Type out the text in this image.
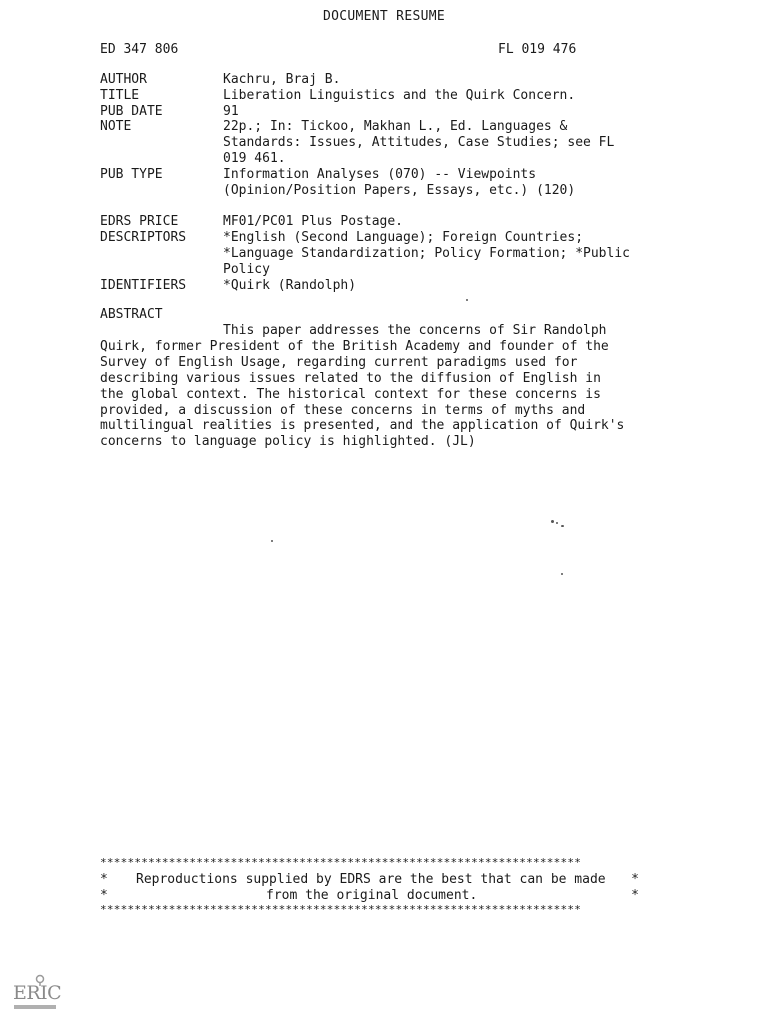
DOCUMENT RESUME
ED 347 806	FL 019 476
AUTHOR	Kachru, Braj B.
TITLE	Liberation Linguistics and the Quirk Concern.
PUB DATE	91
NOTE	22p.; In: Tickoo, Makhan L., Ed. Languages &
Standards: Issues, Attitudes, Case Studies; see FL
019 461.
PUB TYPE	Information Analyses (070) -- Viewpoints
(Opinion/Position Papers, Essays, etc.) (120)
EDRS PRICE	MF01/PC01 Plus Postage.
DESCRIPTORS	*English (Second Language); Foreign Countries;
*Language Standardization; Policy Formation; *Public
Policy
IDENTIFIERS	*Quirk (Randolph)
ABSTRACT
This paper addresses the concerns of Sir Randolph Quirk, former President of the British Academy and founder of the Survey of English Usage, regarding current paradigms used for describing various issues related to the diffusion of English in the global context. The historical context for these concerns is provided, a discussion of these concerns in terms of myths and multilingual realities is presented, and the application of Quirk's concerns to language policy is highlighted. (JL)
**********************************************************************
* Reproductions supplied by EDRS are the best that can be made *
*	from the original document.	*
**********************************************************************
ERIC
